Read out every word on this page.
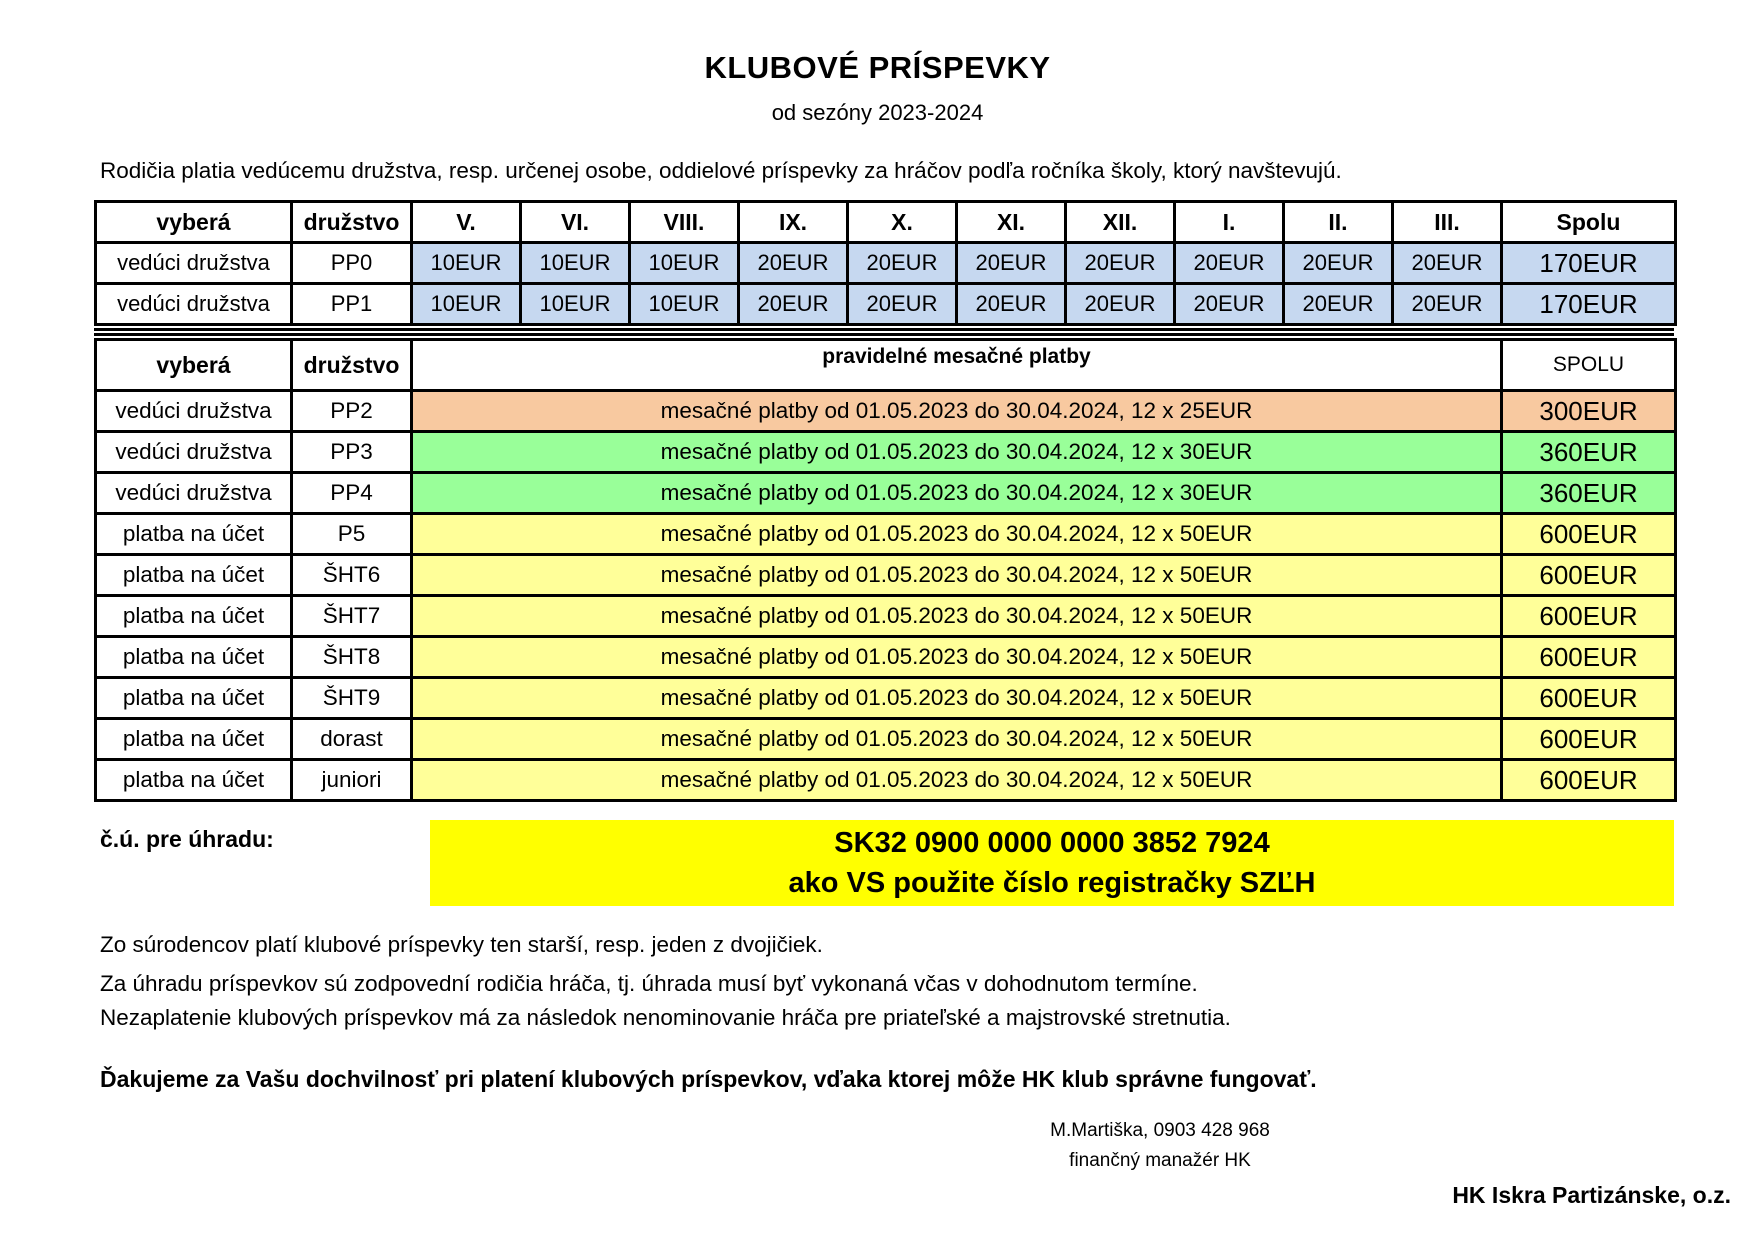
KLUBOVÉ PRÍSPEVKY
od sezóny 2023-2024
Rodičia platia vedúcemu družstva, resp. určenej osobe, oddielové príspevky za hráčov podľa ročníka školy, ktorý navštevujú.
vyberá	družstvo	V.	VI.	VIII.	IX.	X.	XI.	XII.	I.	II.	III.	Spolu
vedúci družstva	PP0	10EUR	10EUR	10EUR	20EUR	20EUR	20EUR	20EUR	20EUR	20EUR	20EUR	170EUR
vedúci družstva	PP1	10EUR	10EUR	10EUR	20EUR	20EUR	20EUR	20EUR	20EUR	20EUR	20EUR	170EUR
vyberá	družstvo	pravidelné mesačné platby	SPOLU
vedúci družstva	PP2	mesačné platby od 01.05.2023 do 30.04.2024, 12 x 25EUR	300EUR
vedúci družstva	PP3	mesačné platby od 01.05.2023 do 30.04.2024, 12 x 30EUR	360EUR
vedúci družstva	PP4	mesačné platby od 01.05.2023 do 30.04.2024, 12 x 30EUR	360EUR
platba na účet	P5	mesačné platby od 01.05.2023 do 30.04.2024, 12 x 50EUR	600EUR
platba na účet	ŠHT6	mesačné platby od 01.05.2023 do 30.04.2024, 12 x 50EUR	600EUR
platba na účet	ŠHT7	mesačné platby od 01.05.2023 do 30.04.2024, 12 x 50EUR	600EUR
platba na účet	ŠHT8	mesačné platby od 01.05.2023 do 30.04.2024, 12 x 50EUR	600EUR
platba na účet	ŠHT9	mesačné platby od 01.05.2023 do 30.04.2024, 12 x 50EUR	600EUR
platba na účet	dorast	mesačné platby od 01.05.2023 do 30.04.2024, 12 x 50EUR	600EUR
platba na účet	juniori	mesačné platby od 01.05.2023 do 30.04.2024, 12 x 50EUR	600EUR
č.ú. pre úhradu:	SK32 0900 0000 0000 3852 7924
ako VS použite číslo registračky SZĽH
Zo súrodencov platí klubové príspevky ten starší, resp. jeden z dvojičiek.
Za úhradu príspevkov sú zodpovední rodičia hráča, tj. úhrada musí byť vykonaná včas v dohodnutom termíne.
Nezaplatenie klubových príspevkov má za následok nenominovanie hráča pre priateľské a majstrovské stretnutia.
Ďakujeme za Vašu dochvilnosť pri platení klubových príspevkov, vďaka ktorej môže HK klub správne fungovať.
M.Martiška, 0903 428 968
finančný manažér HK
HK Iskra Partizánske, o.z.
